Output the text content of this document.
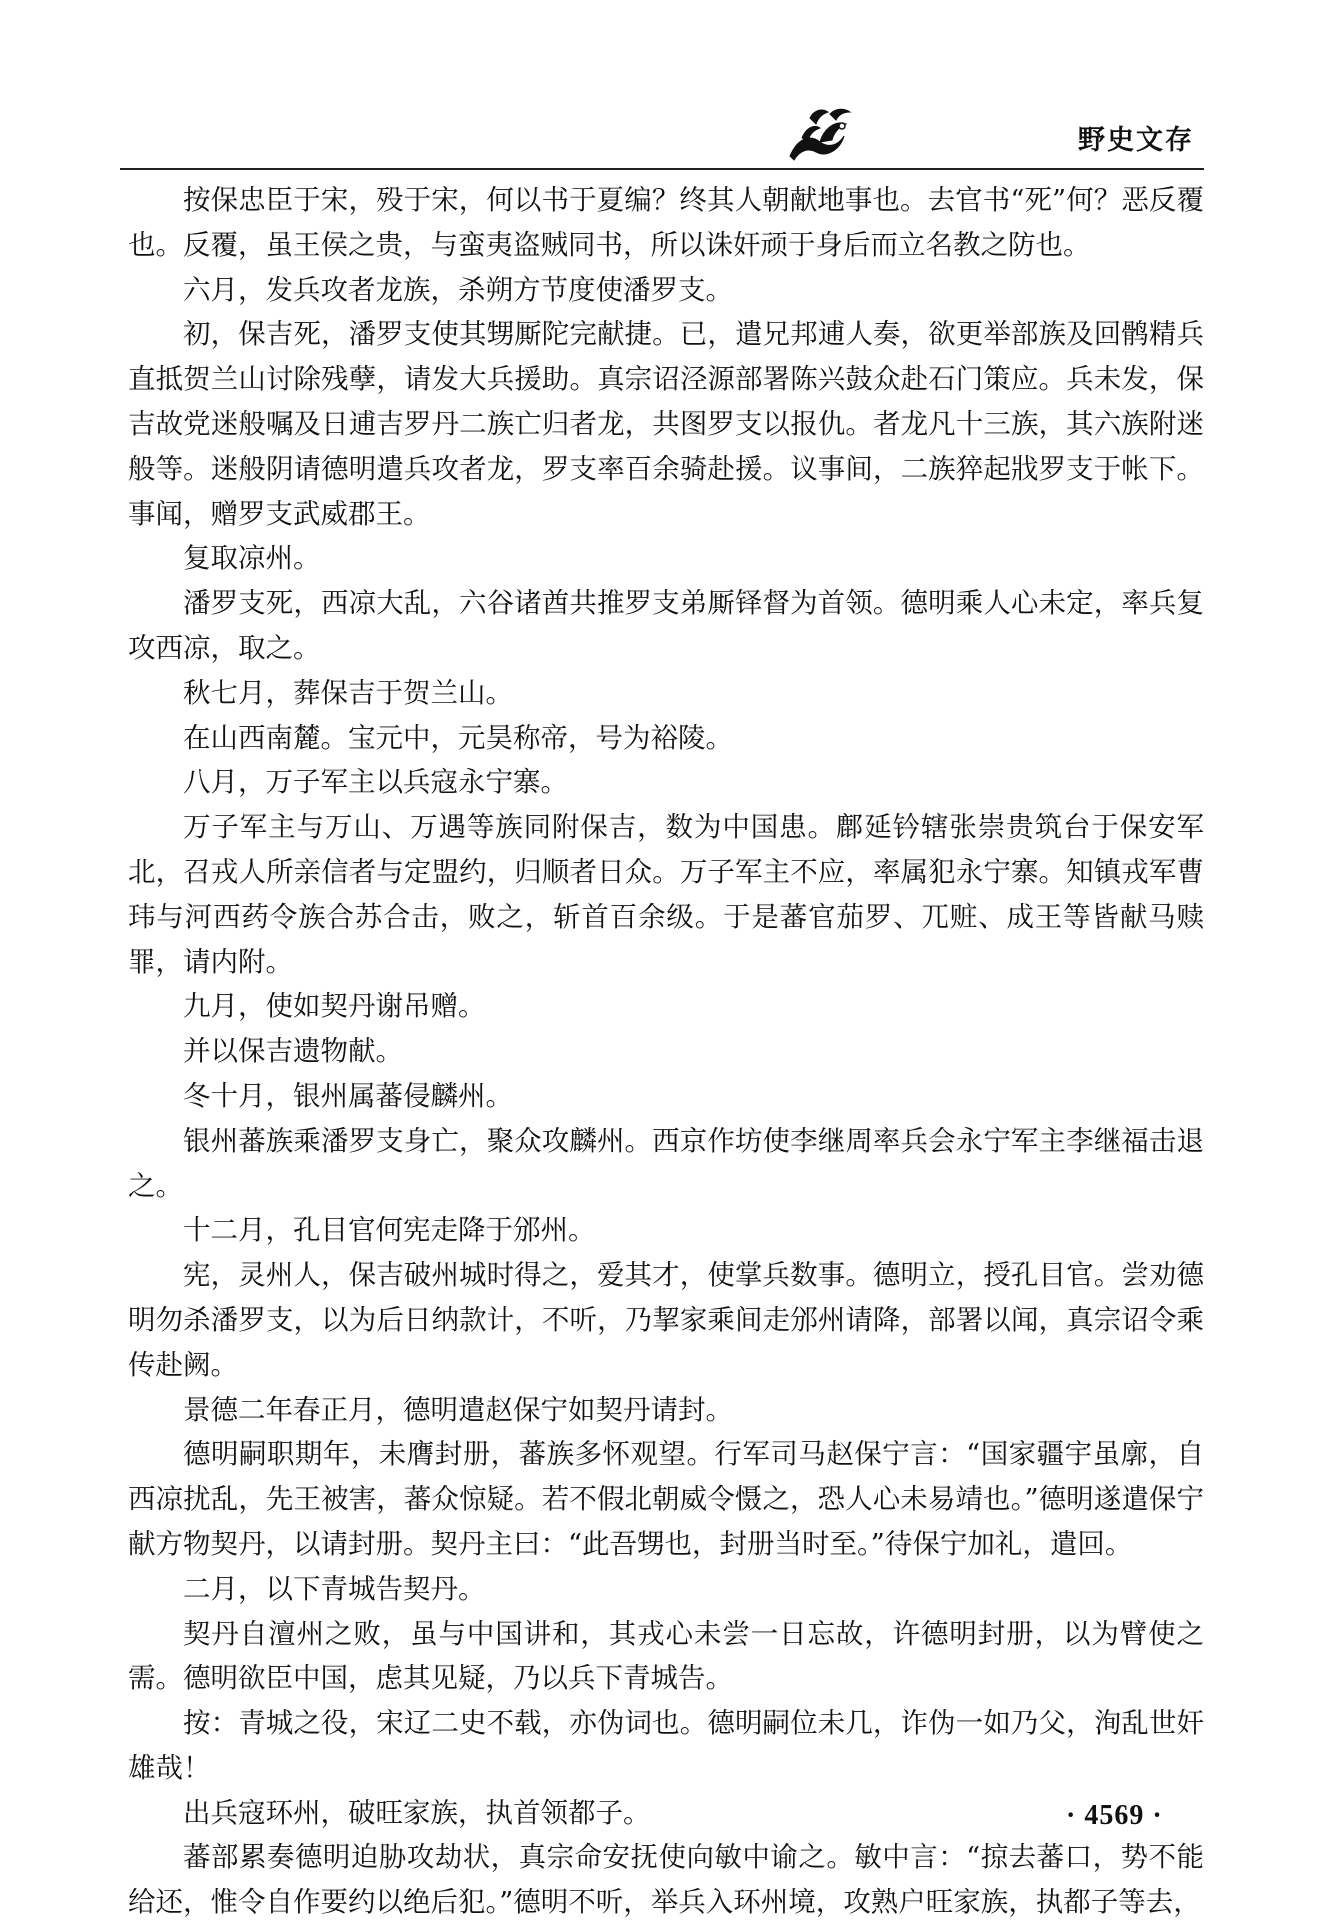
野史文存

按保忠臣于宋，殁于宋，何以书于夏编？终其人朝献地事也。去官书“死”何？恶反覆也。反覆，虽王侯之贵，与蛮夷盗贼同书，所以诛奸顽于身后而立名教之防也。

六月，发兵攻者龙族，杀朔方节度使潘罗支。

初，保吉死，潘罗支使其甥厮陀完献捷。已，遣兄邦逋人奏，欲更举部族及回鹘精兵直抵贺兰山讨除残孽，请发大兵援助。真宗诏泾源部署陈兴鼓众赴石门策应。兵未发，保吉故党迷般嘱及日逋吉罗丹二族亡归者龙，共图罗支以报仇。者龙凡十三族，其六族附迷般等。迷般阴请德明遣兵攻者龙，罗支率百余骑赴援。议事间，二族猝起戕罗支于帐下。事闻，赠罗支武威郡王。

复取凉州。

潘罗支死，西凉大乱，六谷诸酋共推罗支弟厮铎督为首领。德明乘人心未定，率兵复攻西凉，取之。

秋七月，葬保吉于贺兰山。

在山西南麓。宝元中，元昊称帝，号为裕陵。

八月，万子军主以兵寇永宁寨。

万子军主与万山、万遇等族同附保吉，数为中国患。鄜延钤辖张崇贵筑台于保安军北，召戎人所亲信者与定盟约，归顺者日众。万子军主不应，率属犯永宁寨。知镇戎军曹玮与河西药令族合苏合击，败之，斩首百余级。于是蕃官茄罗、兀赃、成王等皆献马赎罪，请内附。

九月，使如契丹谢吊赠。

并以保吉遗物献。

冬十月，银州属蕃侵麟州。

银州蕃族乘潘罗支身亡，聚众攻麟州。西京作坊使李继周率兵会永宁军主李继福击退之。

十二月，孔目官何宪走降于邠州。

宪，灵州人，保吉破州城时得之，爱其才，使掌兵数事。德明立，授孔目官。尝劝德明勿杀潘罗支，以为后日纳款计，不听，乃挈家乘间走邠州请降，部署以闻，真宗诏令乘传赴阙。

景德二年春正月，德明遣赵保宁如契丹请封。

德明嗣职期年，未膺封册，蕃族多怀观望。行军司马赵保宁言：“国家疆宇虽廓，自西凉扰乱，先王被害，蕃众惊疑。若不假北朝威令慑之，恐人心未易靖也。”德明遂遣保宁献方物契丹，以请封册。契丹主曰：“此吾甥也，封册当时至。”待保宁加礼，遣回。

二月，以下青城告契丹。

契丹自澶州之败，虽与中国讲和，其戎心未尝一日忘故，许德明封册，以为臂使之需。德明欲臣中国，虑其见疑，乃以兵下青城告。

按：青城之役，宋辽二史不载，亦伪词也。德明嗣位未几，诈伪一如乃父，洵乱世奸雄哉！

出兵寇环州，破旺家族，执首领都子。

蕃部累奏德明迫胁攻劫状，真宗命安抚使向敏中谕之。敏中言：“掠去蕃口，势不能给还，惟令自作要约以绝后犯。”德明不听，举兵入环州境，攻熟户旺家族，执都子等去，

· 4569 ·
